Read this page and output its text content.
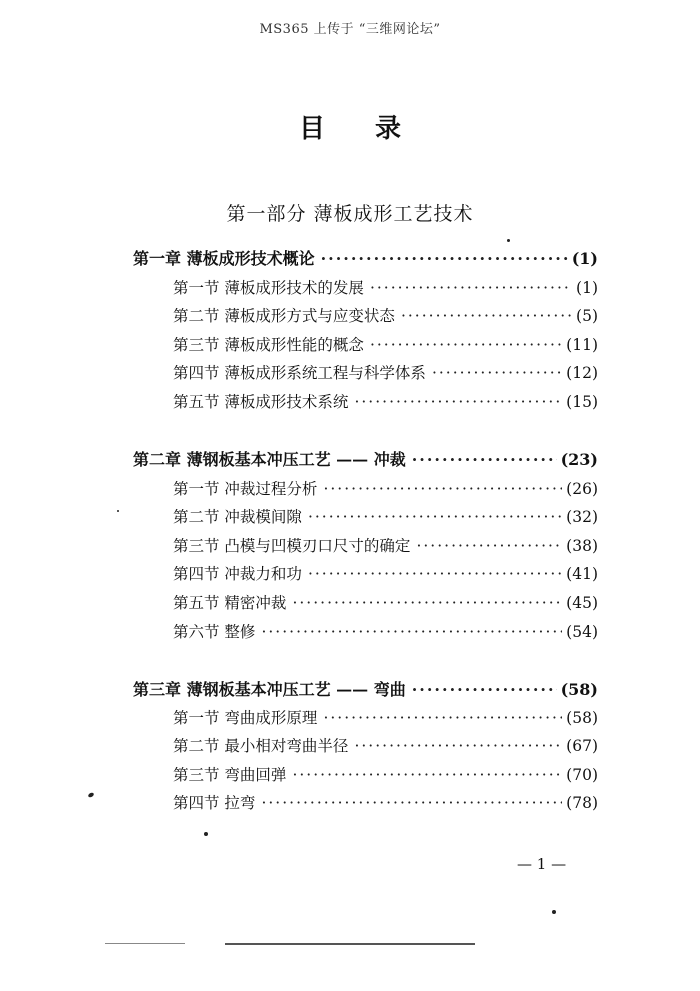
MS365 上传于 “三维网论坛”
目录
第一部分 薄板成形工艺技术
第一章 薄板成形技术概论 ·····	(1)
第一节 薄板成形技术的发展 ·····	(1)
第二节 薄板成形方式与应变状态 ·····	(5)
第三节 薄板成形性能的概念 ·····	(11)
第四节 薄板成形系统工程与科学体系 ·····	(12)
第五节 薄板成形技术系统 ·····	(15)
第二章 薄钢板基本冲压工艺 —— 冲裁 ·····	(23)
第一节 冲裁过程分析 ·····	(26)
第二节 冲裁模间隙 ·····	(32)
第三节 凸模与凹模刃口尺寸的确定 ·····	(38)
第四节 冲裁力和功 ·····	(41)
第五节 精密冲裁 ·····	(45)
第六节 整修 ·····	(54)
第三章 薄钢板基本冲压工艺 —— 弯曲 ·····	(58)
第一节 弯曲成形原理 ·····	(58)
第二节 最小相对弯曲半径 ·····	(67)
第三节 弯曲回弹 ·····	(70)
第四节 拉弯 ·····	(78)
— 1 —
